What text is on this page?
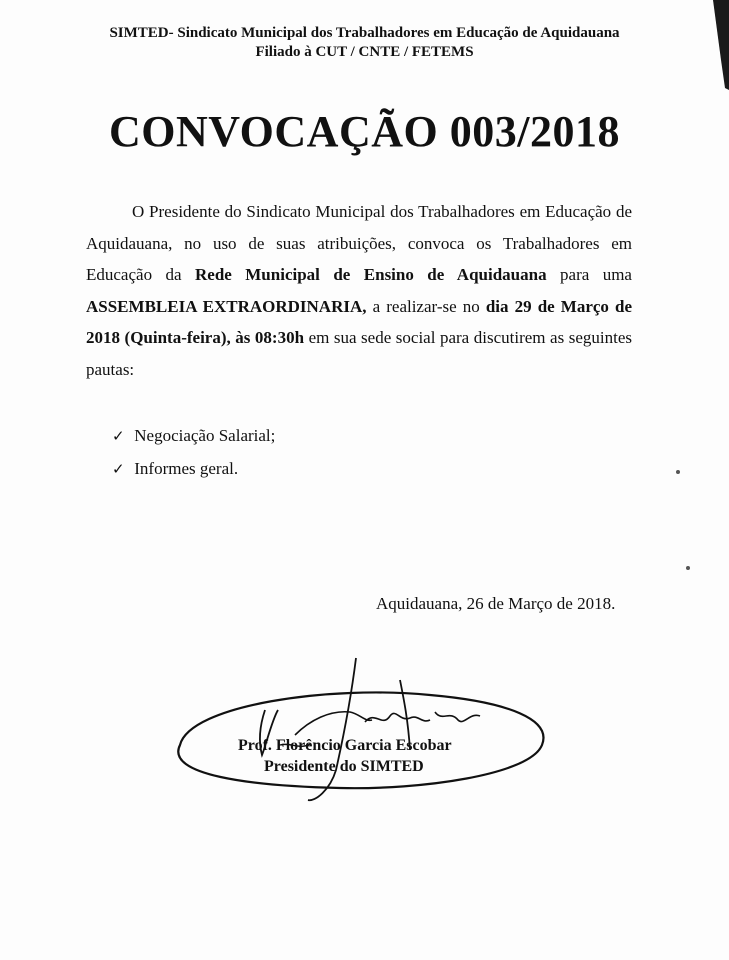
SIMTED- Sindicato Municipal dos Trabalhadores em Educação de Aquidauana
Filiado à CUT / CNTE / FETEMS
CONVOCAÇÃO 003/2018

O Presidente do Sindicato Municipal dos Trabalhadores em Educação de Aquidauana, no uso de suas atribuições, convoca os Trabalhadores em Educação da Rede Municipal de Ensino de Aquidauana para uma ASSEMBLEIA EXTRAORDINARIA, a realizar-se no dia 29 de Março de 2018 (Quinta-feira), às 08:30h em sua sede social para discutirem as seguintes pautas:

✓ Negociação Salarial;
✓ Informes geral.
Aquidauana, 26 de Março de 2018.
Prof. Florêncio Garcia Escobar
Presidente do SIMTED
